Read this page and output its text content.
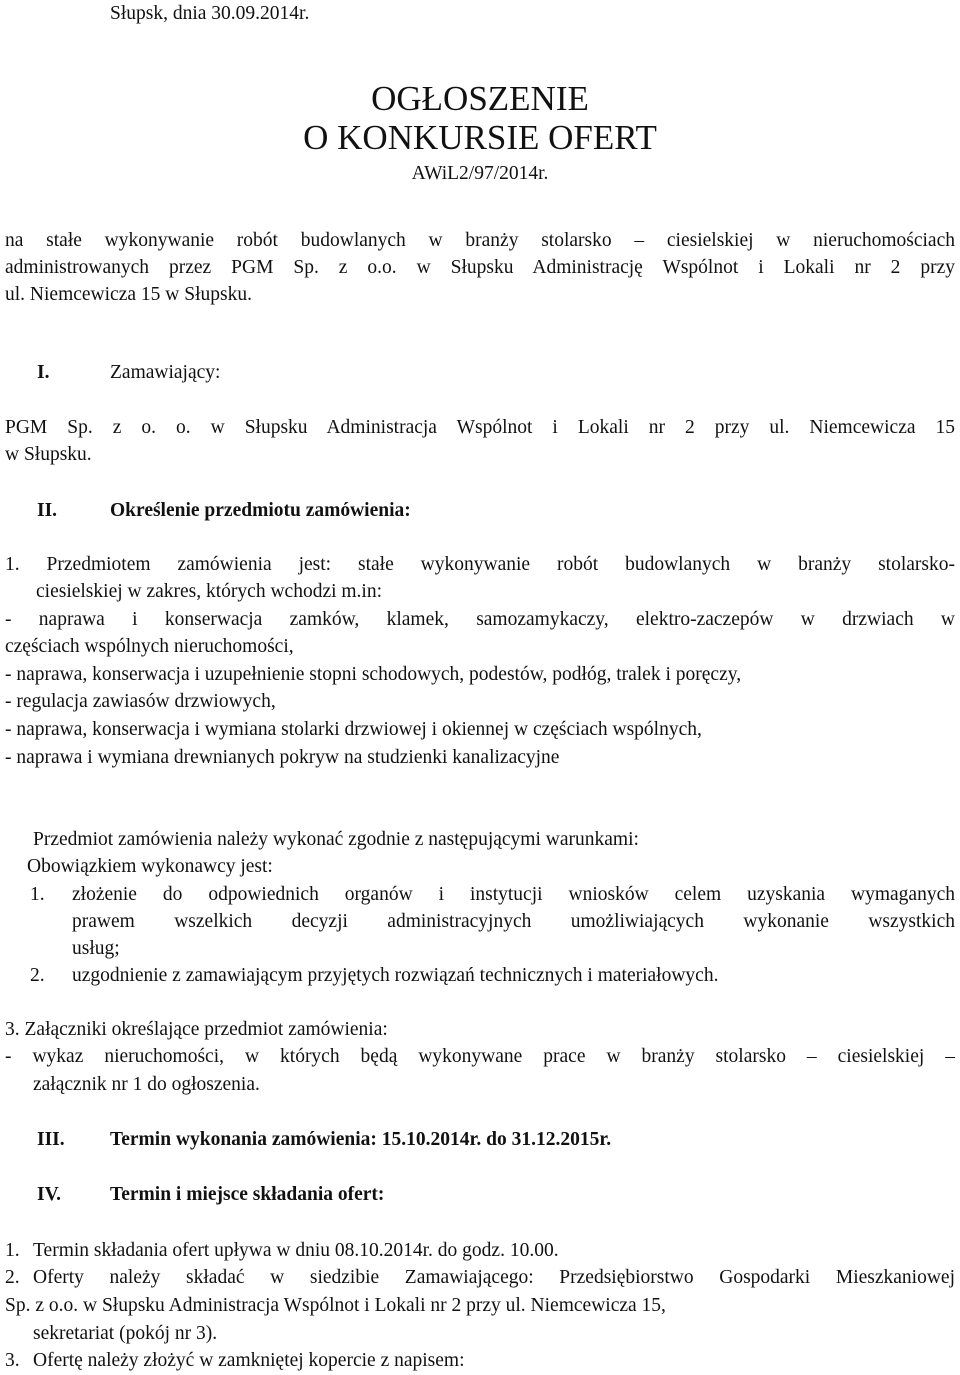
Słupsk, dnia 30.09.2014r.
OGŁOSZENIE
O KONKURSIE OFERT
AWiL2/97/2014r.
na stałe wykonywanie robót budowlanych w branży stolarsko – ciesielskiej w nieruchomościach
administrowanych przez PGM Sp. z o.o. w Słupsku Administrację Wspólnot i Lokali nr 2 przy
ul. Niemcewicza 15 w Słupsku.
I.	Zamawiający:
PGM Sp. z o. o. w Słupsku Administracja Wspólnot i Lokali nr 2 przy ul. Niemcewicza 15
w Słupsku.
II.	Określenie przedmiotu zamówienia:
1. Przedmiotem zamówienia jest: stałe wykonywanie robót budowlanych w branży stolarsko-
ciesielskiej w zakres, których wchodzi m.in:
- naprawa i konserwacja zamków, klamek, samozamykaczy, elektro-zaczepów w drzwiach w
częściach wspólnych nieruchomości,
- naprawa, konserwacja i uzupełnienie stopni schodowych, podestów, podłóg, tralek i poręczy,
- regulacja zawiasów drzwiowych,
- naprawa, konserwacja i wymiana stolarki drzwiowej i okiennej w częściach wspólnych,
- naprawa i wymiana drewnianych pokryw na studzienki kanalizacyjne
Przedmiot zamówienia należy wykonać zgodnie z następującymi warunkami:
Obowiązkiem wykonawcy jest:
1. złożenie do odpowiednich organów i instytucji wniosków celem uzyskania wymaganych
prawem wszelkich decyzji administracyjnych umożliwiających wykonanie wszystkich
usług;
2. uzgodnienie z zamawiającym przyjętych rozwiązań technicznych i materiałowych.
3. Załączniki określające przedmiot zamówienia:
- wykaz nieruchomości, w których będą wykonywane prace w branży stolarsko – ciesielskiej –
załącznik nr 1 do ogłoszenia.
III. Termin wykonania zamówienia: 15.10.2014r. do 31.12.2015r.
IV.	Termin i miejsce składania ofert:
1. Termin składania ofert upływa w dniu 08.10.2014r. do godz. 10.00.
2. Oferty należy składać w siedzibie Zamawiającego: Przedsiębiorstwo Gospodarki Mieszkaniowej
Sp. z o.o. w Słupsku Administracja Wspólnot i Lokali nr 2 przy ul. Niemcewicza 15,
sekretariat (pokój nr 3).
3. Ofertę należy złożyć w zamkniętej kopercie z napisem:
